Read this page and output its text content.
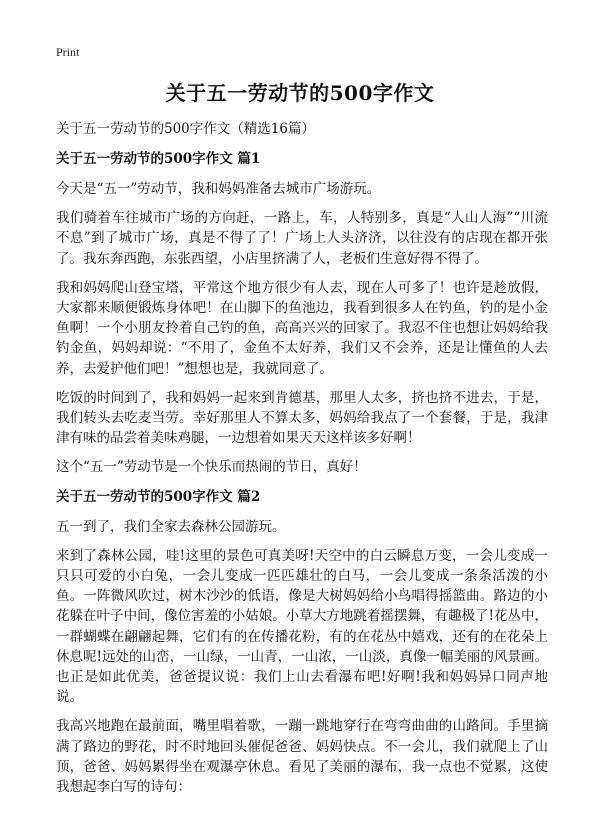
Print
关于五一劳动节的500字作文

关于五一劳动节的500字作文（精选16篇）

关于五一劳动节的500字作文 篇1

今天是“五一”劳动节，我和妈妈准备去城市广场游玩。

我们骑着车往城市广场的方向赶，一路上，车，人特别多，真是“人山人海”“川流不息”到了城市广场，真是不得了了！广场上人头济济，以往没有的店现在都开张了。我东奔西跑，东张西望，小店里挤满了人，老板们生意好得不得了。

我和妈妈爬山登宝塔，平常这个地方很少有人去，现在人可多了！也许是趁放假，大家都来顺便锻炼身体吧！在山脚下的鱼池边，我看到很多人在钓鱼，钓的是小金鱼啊！一个小朋友拎着自己钓的鱼，高高兴兴的回家了。我忍不住也想让妈妈给我钓金鱼，妈妈却说：“不用了，金鱼不太好养，我们又不会养，还是让懂鱼的人去养，去爱护他们吧！”想想也是，我就同意了。

吃饭的时间到了，我和妈妈一起来到肯德基，那里人太多，挤也挤不进去，于是，我们转头去吃麦当劳。幸好那里人不算太多，妈妈给我点了一个套餐，于是，我津津有味的品尝着美味鸡腿，一边想着如果天天这样该多好啊！

这个“五一”劳动节是一个快乐而热闹的节日，真好！

关于五一劳动节的500字作文 篇2

五一到了，我们全家去森林公园游玩。

来到了森林公园，哇!这里的景色可真美呀!天空中的白云瞬息万变，一会儿变成一只只可爱的小白兔，一会儿变成一匹匹雄壮的白马，一会儿变成一条条活泼的小鱼。一阵微风吹过，树木沙沙的低语，像是大树妈妈给小鸟唱得摇篮曲。路边的小花躲在叶子中间，像位害羞的小姑娘。小草大方地跳着摇摆舞，有趣极了!花丛中，一群蝴蝶在翩翩起舞，它们有的在传播花粉，有的在花丛中嬉戏，还有的在花朵上休息呢!远处的山峦，一山绿，一山青，一山浓，一山淡，真像一幅美丽的风景画。也正是如此优美，爸爸提议说：我们上山去看瀑布吧!好啊!我和妈妈异口同声地说。

我高兴地跑在最前面，嘴里唱着歌，一蹦一跳地穿行在弯弯曲曲的山路间。手里摘满了路边的野花，时不时地回头催促爸爸、妈妈快点。不一会儿，我们就爬上了山顶，爸爸、妈妈累得坐在观瀑亭休息。看见了美丽的瀑布，我一点也不觉累，这使我想起李白写的诗句：
